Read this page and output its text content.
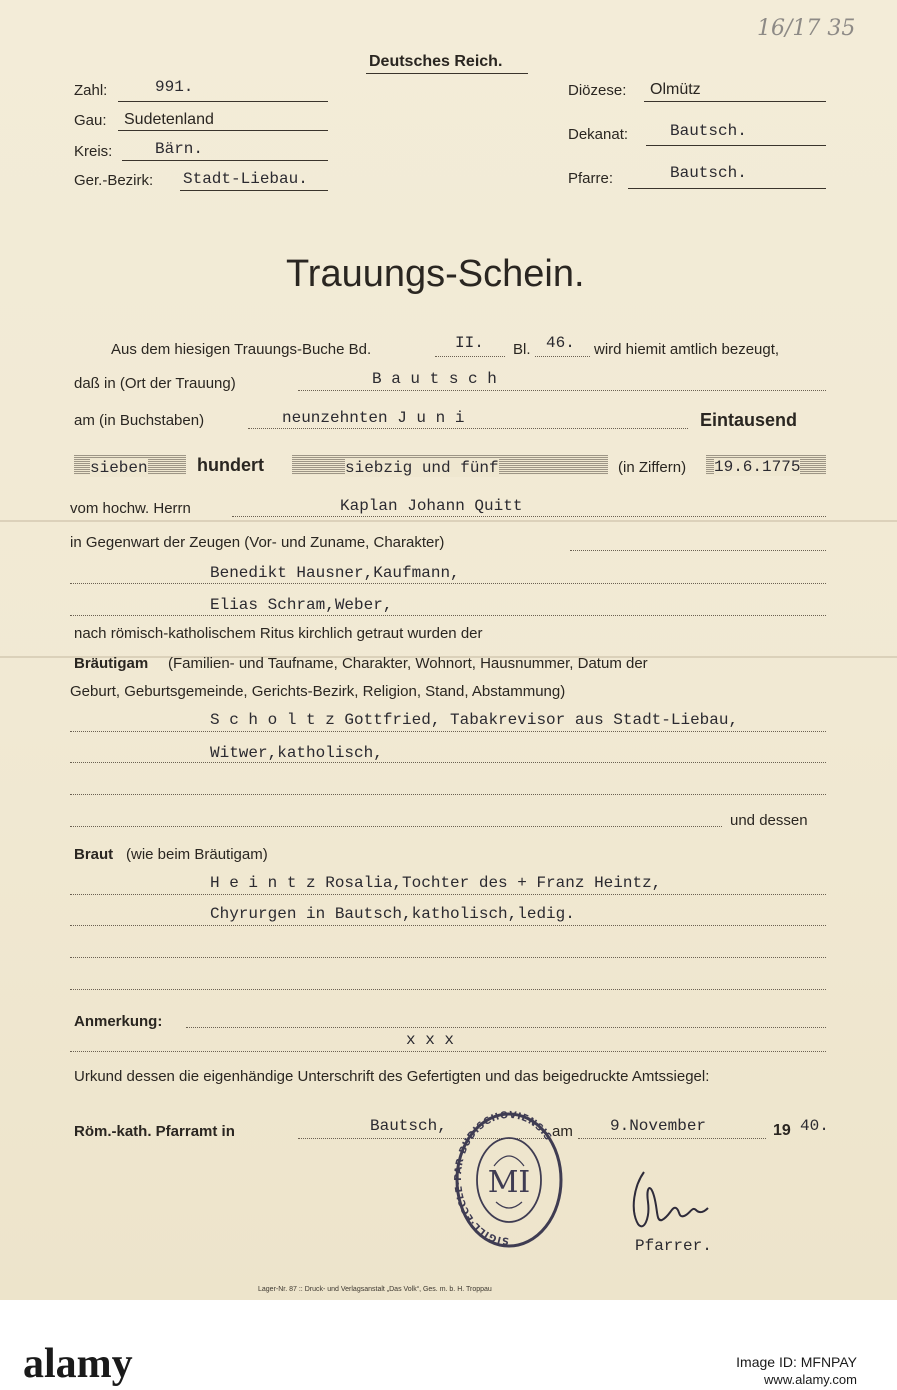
16/17 35
Deutsches Reich.
Zahl:	991.
Gau: Sudetenland
Kreis:	Bärn.
Ger.-Bezirk: Stadt-Liebau.
Diözese: Olmütz
Dekanat:	Bautsch.
Pfarre:	Bautsch.
Trauungs-Schein.
Aus dem hiesigen Trauungs-Buche Bd.	II. Bl. 46. wird hiemit amtlich bezeugt,
daß in (Ort der Trauung)	B a u t s c h
am (in Buchstaben)	neunzehnten J u n i	Eintausend
sieben	hundert	siebzig und fünf	(in Ziffern) 19.6.1775
vom hochw. Herrn	Kaplan Johann Quitt
in Gegenwart der Zeugen (Vor- und Zuname, Charakter)
Benedikt Hausner,Kaufmann,
Elias Schram,Weber,
nach römisch-katholischem Ritus kirchlich getraut wurden der
Bräutigam (Familien- und Taufname, Charakter, Wohnort, Hausnummer, Datum der
Geburt, Geburtsgemeinde, Gerichts-Bezirk, Religion, Stand, Abstammung)
S c h o l t z Gottfried, Tabakrevisor aus Stadt-Liebau,
Witwer,katholisch,
und dessen
Braut (wie beim Bräutigam)
H e i n t z Rosalia,Tochter des + Franz Heintz,
Chyrurgen in Bautsch,katholisch,ledig.
Anmerkung:
x x x
Urkund dessen die eigenhändige Unterschrift des Gefertigten und das beigedruckte Amtssiegel:
Röm.-kath. Pfarramt in	Bautsch,	am 9.November	19 40.
SIGILL·ECCLE·PAR·BUDISCHOVIENSIS
MI
Pfarrer.
Lager-Nr. 87 :: Druck- und Verlagsanstalt „Das Volk“, Ges. m. b. H. Troppau
alamy	Image ID: MFNPAY
www.alamy.com
